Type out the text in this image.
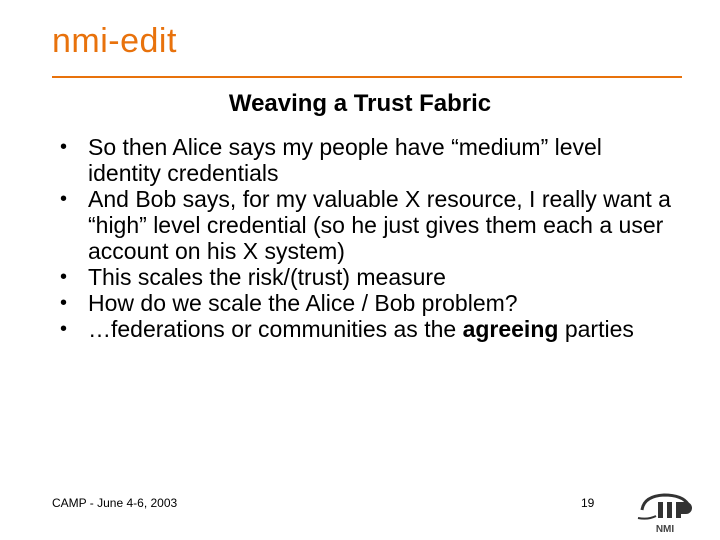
nmi-edit
Weaving a Trust Fabric
• So then Alice says my people have “medium” level identity credentials
• And Bob says, for my valuable X resource, I really want a “high” level credential (so he just gives them each a user account on his X system)
• This scales the risk/(trust) measure
• How do we scale the Alice / Bob problem?
• …federations or communities as the agreeing parties
CAMP - June 4-6, 2003	19
NMI
